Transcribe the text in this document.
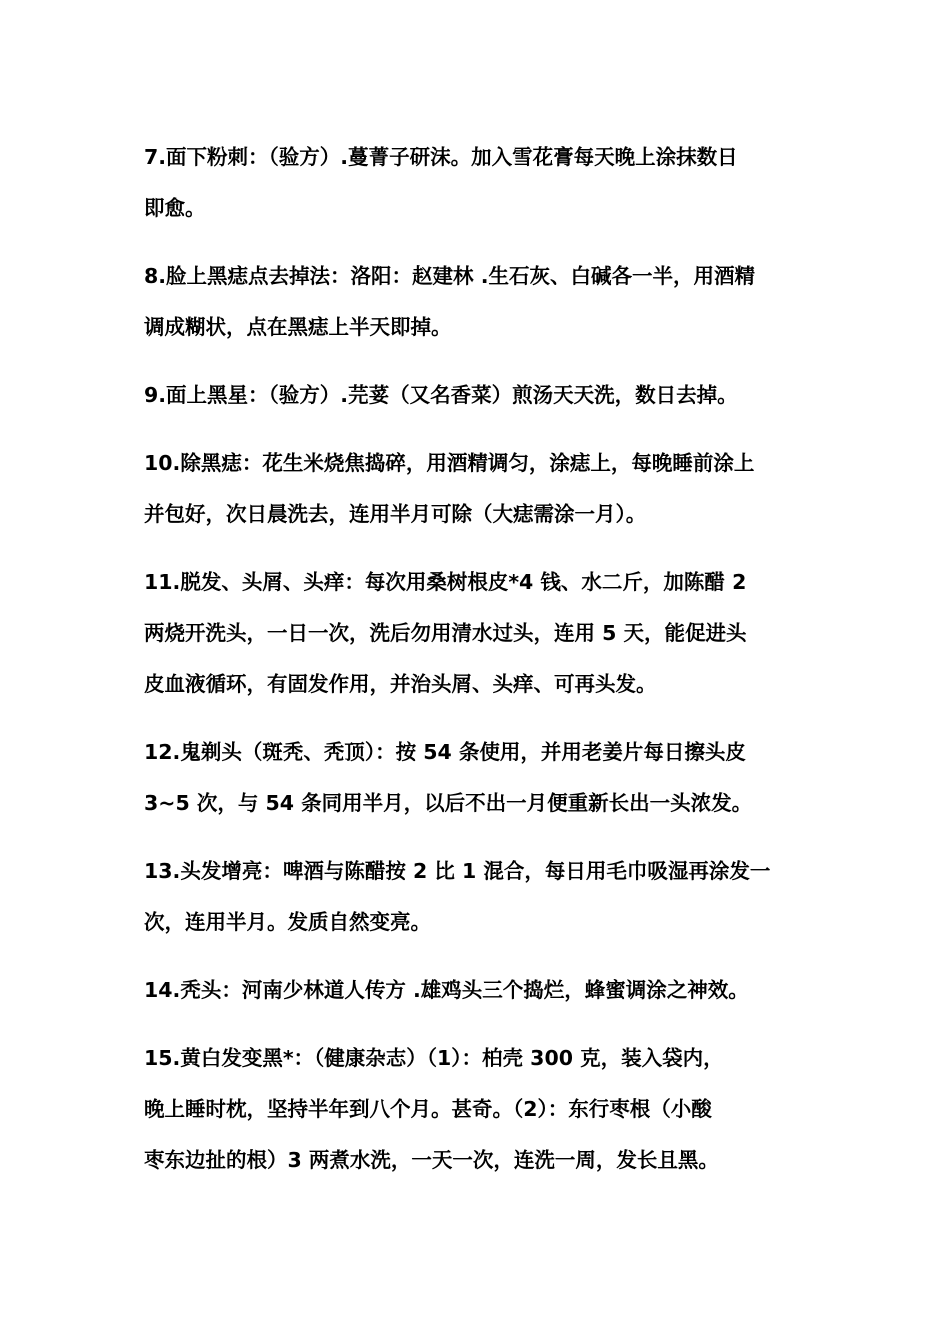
7.面下粉刺：（验方）.蔓菁子研沫。加入雪花膏每天晚上涂抹数日
即愈。
8.脸上黑痣点去掉法：洛阳：赵建林 .生石灰、白碱各一半，用酒精
调成糊状，点在黑痣上半天即掉。
9.面上黑星：（验方）.芫荽（又名香菜）煎汤天天洗，数日去掉。
10.除黑痣：花生米烧焦捣碎，用酒精调匀，涂痣上，每晚睡前涂上
并包好，次日晨洗去，连用半月可除（大痣需涂一月）。
11.脱发、头屑、头痒：每次用桑树根皮*4 钱、水二斤，加陈醋 2
两烧开洗头，一日一次，洗后勿用清水过头，连用 5 天，能促进头
皮血液循环，有固发作用，并治头屑、头痒、可再头发。
12.鬼剃头（斑秃、秃顶）：按 54 条使用，并用老姜片每日擦头皮
3~5 次，与 54 条同用半月，以后不出一月便重新长出一头浓发。
13.头发增亮：啤酒与陈醋按 2 比 1 混合，每日用毛巾吸湿再涂发一
次，连用半月。发质自然变亮。
14.秃头：河南少林道人传方 .雄鸡头三个捣烂，蜂蜜调涂之神效。
15.黄白发变黑*：（健康杂志）（1）：柏壳 300 克，装入袋内，
晚上睡时枕，坚持半年到八个月。甚奇。（2）：东行枣根（小酸
枣东边扯的根）3 两煮水洗，一天一次，连洗一周，发长且黑。
